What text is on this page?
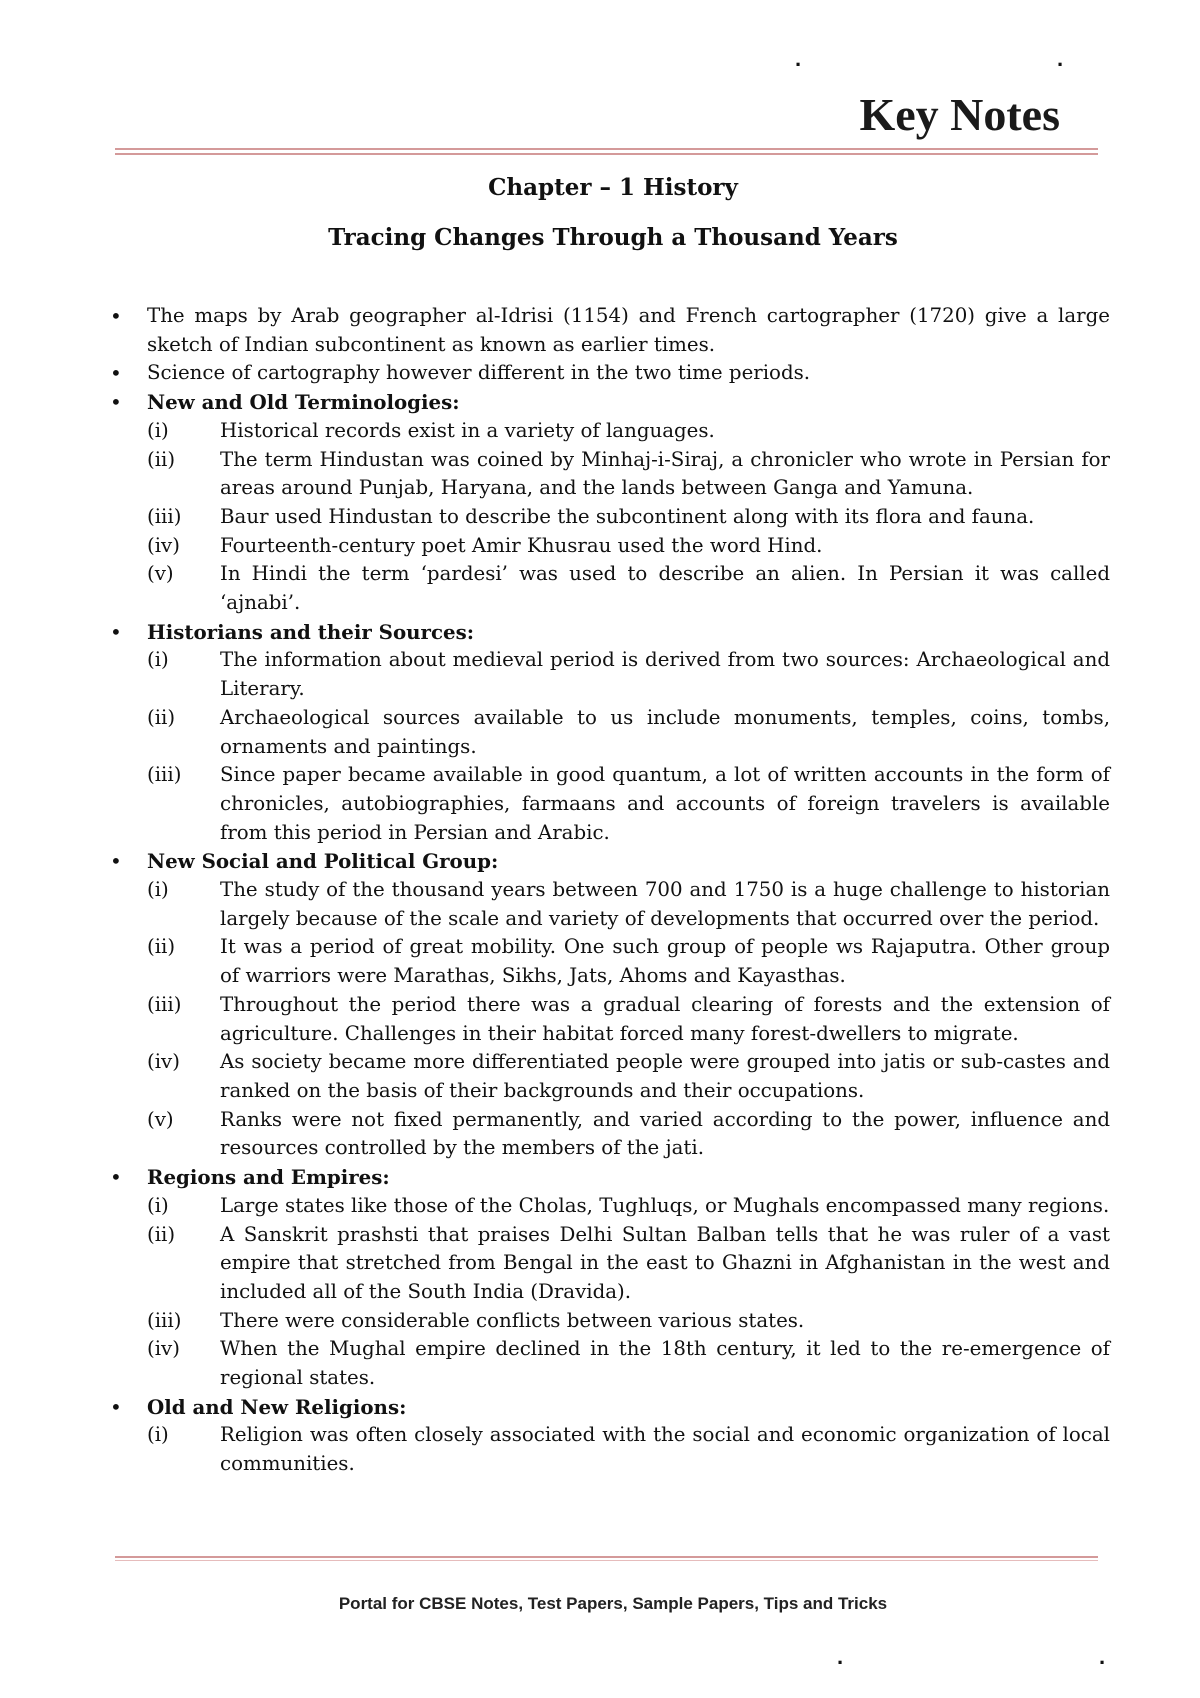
.	.
.	.
Key Notes
Chapter – 1 History
Tracing Changes Through a Thousand Years
• The maps by Arab geographer al-Idrisi (1154) and French cartographer (1720) give a large sketch of Indian subcontinent as known as earlier times.
• Science of cartography however different in the two time periods.
• New and Old Terminologies:
(i)	Historical records exist in a variety of languages.
(ii) The term Hindustan was coined by Minhaj-i-Siraj, a chronicler who wrote in Persian for areas around Punjab, Haryana, and the lands between Ganga and Yamuna.
(iii) Baur used Hindustan to describe the subcontinent along with its flora and fauna.
(iv) Fourteenth-century poet Amir Khusrau used the word Hind.
(v) In Hindi the term ‘pardesi’ was used to describe an alien. In Persian it was called ‘ajnabi’.
• Historians and their Sources:
(i)	The information about medieval period is derived from two sources: Archaeological and Literary.
(ii) Archaeological sources available to us include monuments, temples, coins, tombs, ornaments and paintings.
(iii) Since paper became available in good quantum, a lot of written accounts in the form of chronicles, autobiographies, farmaans and accounts of foreign travelers is available from this period in Persian and Arabic.
• New Social and Political Group:
(i)	The study of the thousand years between 700 and 1750 is a huge challenge to historian largely because of the scale and variety of developments that occurred over the period.
(ii) It was a period of great mobility. One such group of people ws Rajaputra. Other group of warriors were Marathas, Sikhs, Jats, Ahoms and Kayasthas.
(iii) Throughout the period there was a gradual clearing of forests and the extension of agriculture. Challenges in their habitat forced many forest-dwellers to migrate.
(iv) As society became more differentiated people were grouped into jatis or sub-castes and ranked on the basis of their backgrounds and their occupations.
(v) Ranks were not fixed permanently, and varied according to the power, influence and resources controlled by the members of the jati.
• Regions and Empires:
(i)	Large states like those of the Cholas, Tughluqs, or Mughals encompassed many regions.
(ii) A Sanskrit prashsti that praises Delhi Sultan Balban tells that he was ruler of a vast empire that stretched from Bengal in the east to Ghazni in Afghanistan in the west and included all of the South India (Dravida).
(iii) There were considerable conflicts between various states.
(iv) When the Mughal empire declined in the 18th century, it led to the re-emergence of regional states.
• Old and New Religions:
(i)	Religion was often closely associated with the social and economic organization of local communities.
Portal for CBSE Notes, Test Papers, Sample Papers, Tips and Tricks
